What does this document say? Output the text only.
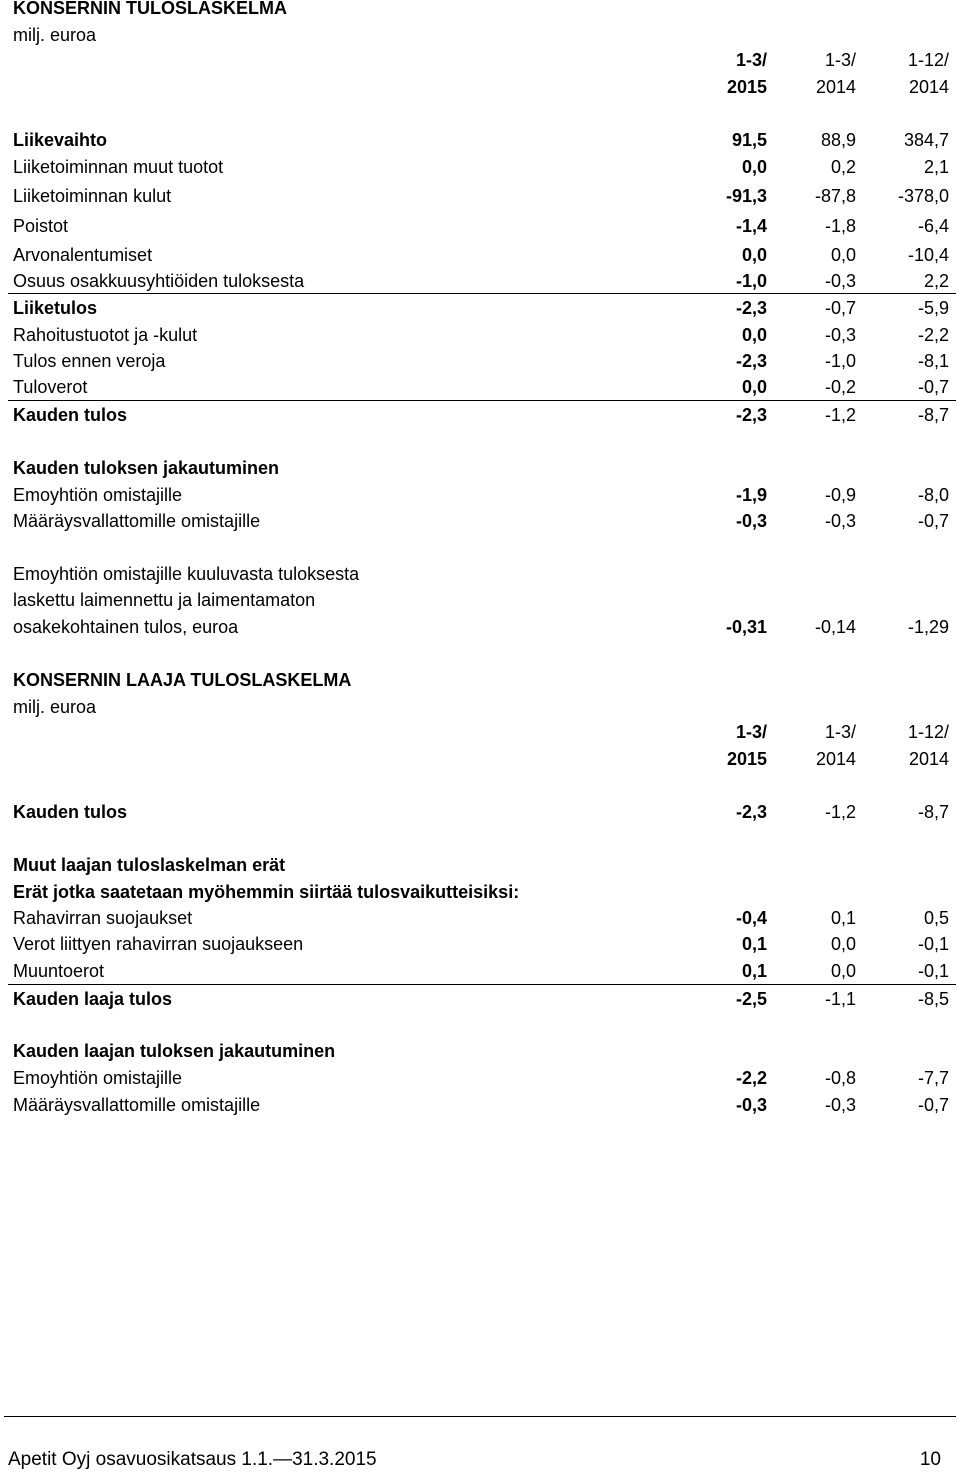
KONSERNIN TULOSLASKELMA
milj. euroa
1-3/	1-3/	1-12/
2015	2014	2014
Liikevaihto	91,5	88,9	384,7
Liiketoiminnan muut tuotot	0,0	0,2	2,1
Liiketoiminnan kulut	-91,3	-87,8	-378,0
Poistot	-1,4	-1,8	-6,4
Arvonalentumiset	0,0	0,0	-10,4
Osuus osakkuusyhtiöiden tuloksesta	-1,0	-0,3	2,2
Liiketulos	-2,3	-0,7	-5,9
Rahoitustuotot ja -kulut	0,0	-0,3	-2,2
Tulos ennen veroja	-2,3	-1,0	-8,1
Tuloverot	0,0	-0,2	-0,7
Kauden tulos	-2,3	-1,2	-8,7
Kauden tuloksen jakautuminen
Emoyhtiön omistajille	-1,9	-0,9	-8,0
Määräysvallattomille omistajille	-0,3	-0,3	-0,7
Emoyhtiön omistajille kuuluvasta tuloksesta
laskettu laimennettu ja laimentamaton
osakekohtainen tulos, euroa	-0,31	-0,14	-1,29
KONSERNIN LAAJA TULOSLASKELMA
milj. euroa
1-3/	1-3/	1-12/
2015	2014	2014
Kauden tulos	-2,3	-1,2	-8,7
Muut laajan tuloslaskelman erät
Erät jotka saatetaan myöhemmin siirtää tulosvaikutteisiksi:
Rahavirran suojaukset	-0,4	0,1	0,5
Verot liittyen rahavirran suojaukseen	0,1	0,0	-0,1
Muuntoerot	0,1	0,0	-0,1
Kauden laaja tulos	-2,5	-1,1	-8,5
Kauden laajan tuloksen jakautuminen
Emoyhtiön omistajille	-2,2	-0,8	-7,7
Määräysvallattomille omistajille	-0,3	-0,3	-0,7
Apetit Oyj osavuosikatsaus 1.1.—31.3.2015	10
